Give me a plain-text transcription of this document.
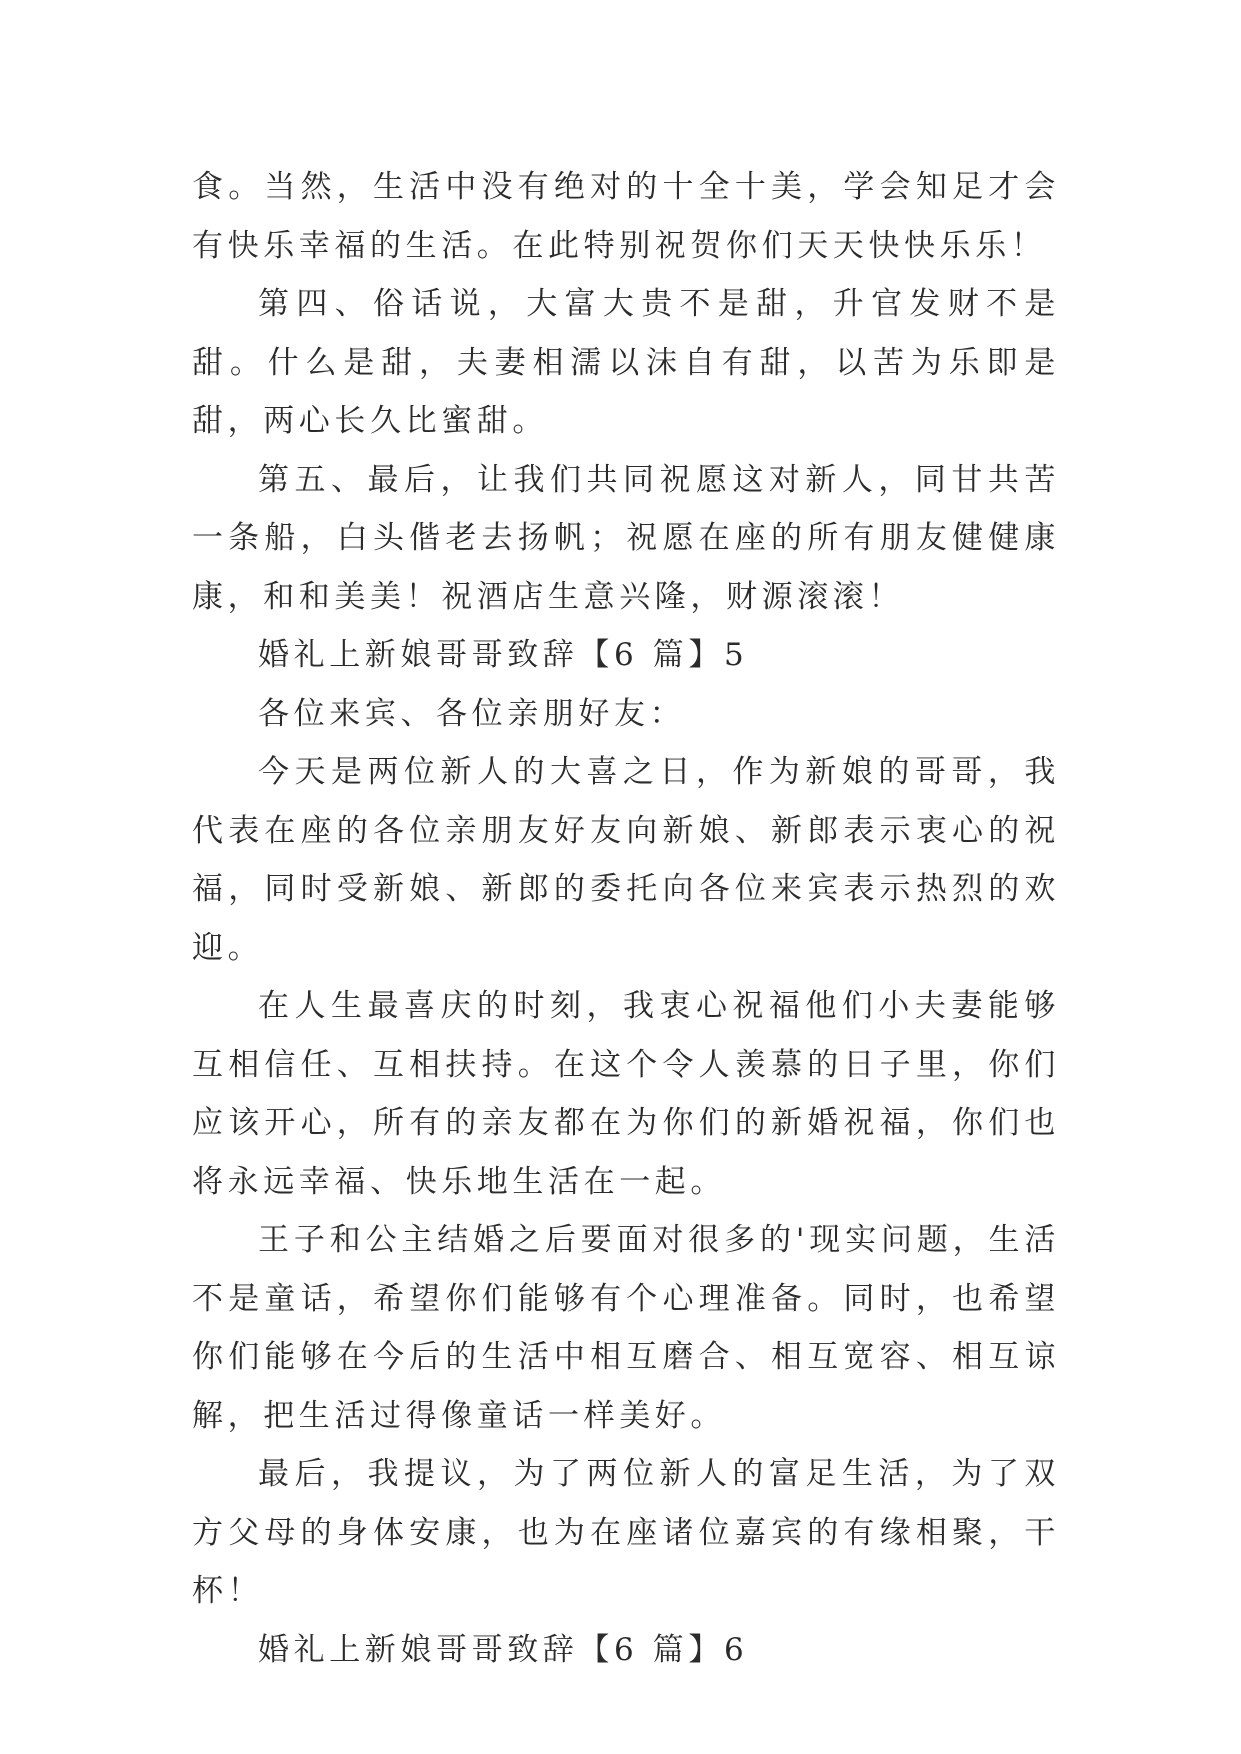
食。当然，生活中没有绝对的十全十美，学会知足才会有快乐幸福的生活。在此特别祝贺你们天天快快乐乐！

第四、俗话说，大富大贵不是甜，升官发财不是甜。什么是甜，夫妻相濡以沫自有甜，以苦为乐即是甜，两心长久比蜜甜。

第五、最后，让我们共同祝愿这对新人，同甘共苦一条船，白头偕老去扬帆；祝愿在座的所有朋友健健康康，和和美美！祝酒店生意兴隆，财源滚滚！

婚礼上新娘哥哥致辞【6 篇】5

各位来宾、各位亲朋好友：

今天是两位新人的大喜之日，作为新娘的哥哥，我代表在座的各位亲朋友好友向新娘、新郎表示衷心的祝福，同时受新娘、新郎的委托向各位来宾表示热烈的欢迎。

在人生最喜庆的时刻，我衷心祝福他们小夫妻能够互相信任、互相扶持。在这个令人羡慕的日子里，你们应该开心，所有的亲友都在为你们的新婚祝福，你们也将永远幸福、快乐地生活在一起。

王子和公主结婚之后要面对很多的'现实问题，生活不是童话，希望你们能够有个心理准备。同时，也希望你们能够在今后的生活中相互磨合、相互宽容、相互谅解，把生活过得像童话一样美好。

最后，我提议，为了两位新人的富足生活，为了双方父母的身体安康，也为在座诸位嘉宾的有缘相聚，干杯！

婚礼上新娘哥哥致辞【6 篇】6
